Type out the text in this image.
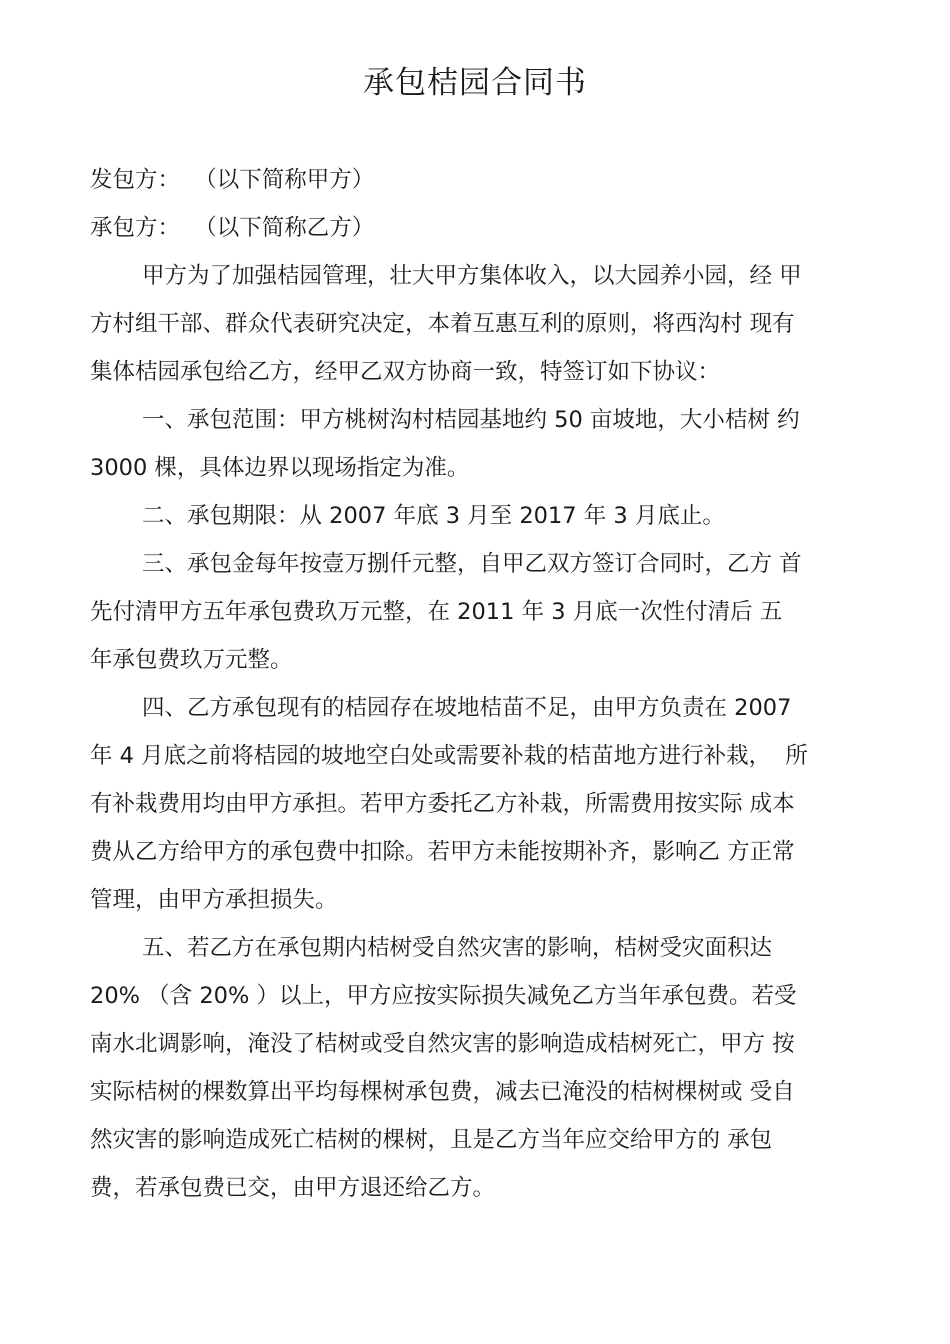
承包桔园合同书
发包方：  （以下简称甲方）
承包方：  （以下简称乙方）
甲方为了加强桔园管理，壮大甲方集体收入，以大园养小园，经 甲
方村组干部、群众代表研究决定，本着互惠互利的原则，将西沟村 现有
集体桔园承包给乙方，经甲乙双方协商一致，特签订如下协议：
一、承包范围：甲方桃树沟村桔园基地约 50 亩坡地，大小桔树 约
3000 棵，具体边界以现场指定为准。
二、承包期限：从 2007 年底 3 月至 2017 年 3 月底止。
三、承包金每年按壹万捌仟元整，自甲乙双方签订合同时，乙方 首
先付清甲方五年承包费玖万元整，在 2011 年 3 月底一次性付清后 五
年承包费玖万元整。
四、乙方承包现有的桔园存在坡地桔苗不足，由甲方负责在 2007
年 4 月底之前将桔园的坡地空白处或需要补栽的桔苗地方进行补栽，  所
有补栽费用均由甲方承担。若甲方委托乙方补栽，所需费用按实际 成本
费从乙方给甲方的承包费中扣除。若甲方未能按期补齐，影响乙 方正常
管理，由甲方承担损失。
五、若乙方在承包期内桔树受自然灾害的影响，桔树受灾面积达
20% （含 20% ）以上，甲方应按实际损失减免乙方当年承包费。若受
南水北调影响，淹没了桔树或受自然灾害的影响造成桔树死亡，甲方 按
实际桔树的棵数算出平均每棵树承包费，减去已淹没的桔树棵树或 受自
然灾害的影响造成死亡桔树的棵树，且是乙方当年应交给甲方的 承包
费，若承包费已交，由甲方退还给乙方。
